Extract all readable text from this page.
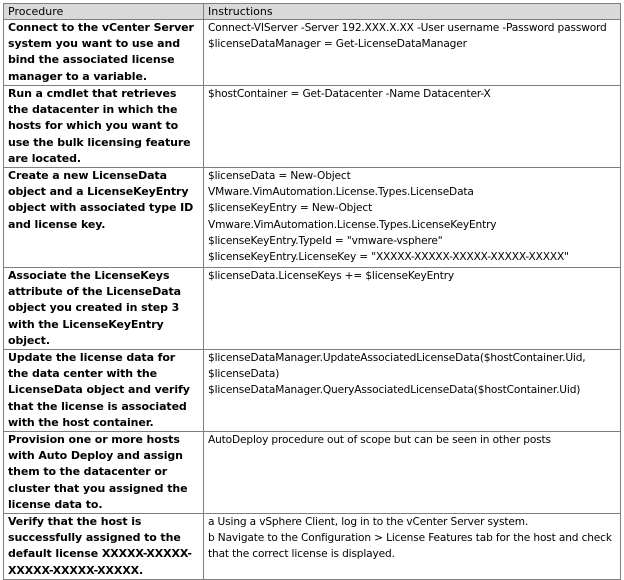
Procedure	Instructions
Connect to the vCenter Server system you want to use and bind the associated license manager to a variable.	Connect-VIServer -Server 192.XXX.X.XX -User username -Password password
$licenseDataManager = Get-LicenseDataManager

Run a cmdlet that retrieves the datacenter in which the hosts for which you want to use the bulk licensing feature are located.	$hostContainer = Get-Datacenter -Name Datacenter-X

Create a new LicenseData object and a LicenseKeyEntry object with associated type ID and license key.	$licenseData = New-Object VMware.VimAutomation.License.Types.LicenseData
$licenseKeyEntry = New-Object Vmware.VimAutomation.License.Types.LicenseKeyEntry
$licenseKeyEntry.TypeId = "vmware-vsphere"
$licenseKeyEntry.LicenseKey = "XXXXX-XXXXX-XXXXX-XXXXX-XXXXX"

Associate the LicenseKeys attribute of the LicenseData object you created in step 3 with the LicenseKeyEntry object.	$licenseData.LicenseKeys += $licenseKeyEntry

Update the license data for the data center with the LicenseData object and verify that the license is associated with the host container.	$licenseDataManager.UpdateAssociatedLicenseData($hostContainer.Uid, $licenseData)
$licenseDataManager.QueryAssociatedLicenseData($hostContainer.Uid)

Provision one or more hosts with Auto Deploy and assign them to the datacenter or cluster that you assigned the license data to.	AutoDeploy procedure out of scope but can be seen in other posts

Verify that the host is successfully assigned to the default license XXXXX-XXXXX-XXXXX-XXXXX-XXXXX.	a Using a vSphere Client, log in to the vCenter Server system.
b Navigate to the Configuration > License Features tab for the host and check that the correct license is displayed.
